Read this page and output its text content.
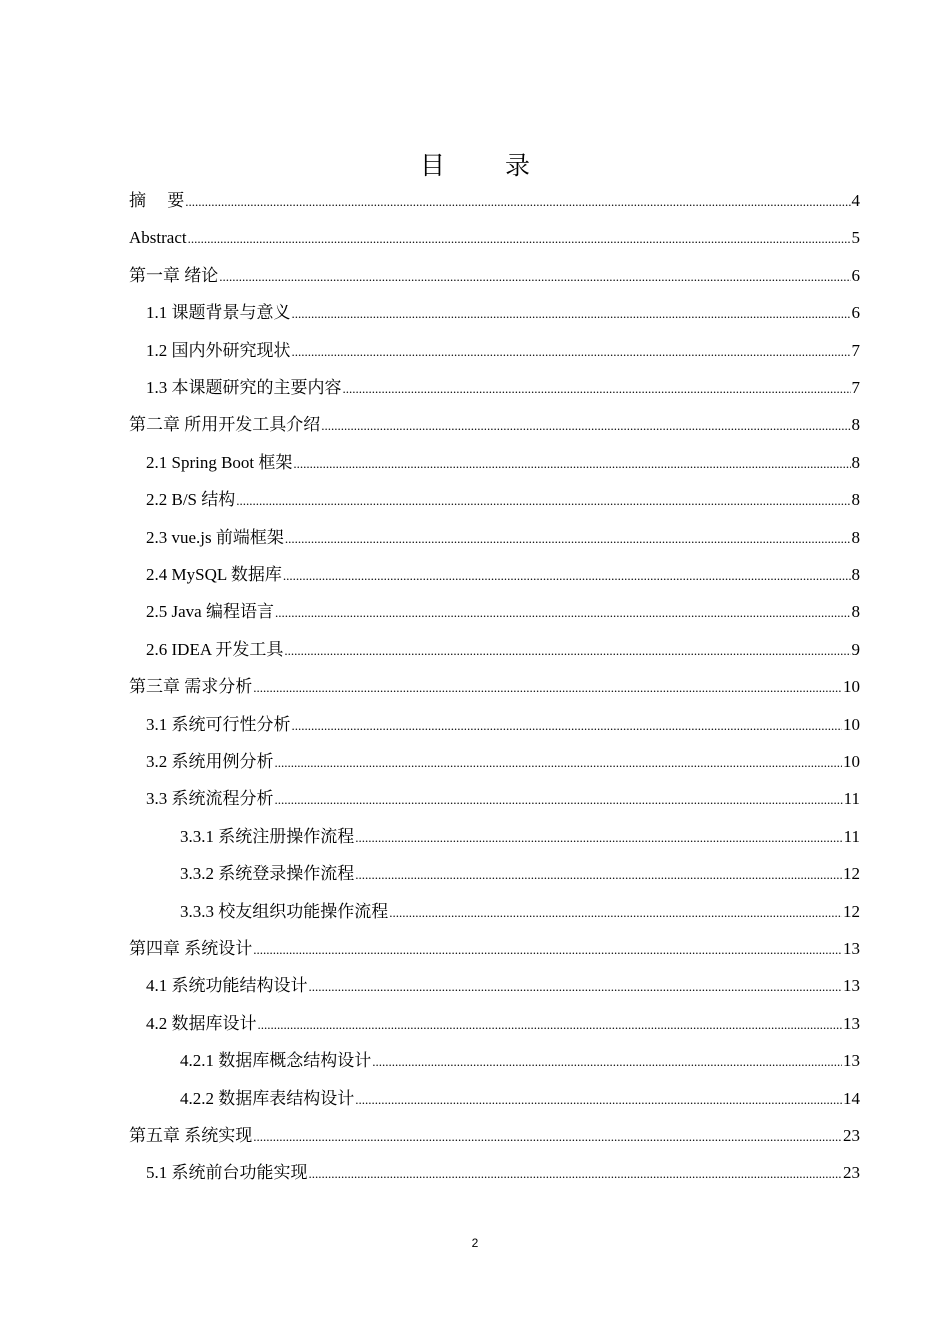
目 录
摘     要 .....	4
Abstract .....	5
第一章 绪论 .....	6
1.1 课题背景与意义 .....	6
1.2 国内外研究现状 .....	7
1.3 本课题研究的主要内容 .....	7
第二章 所用开发工具介绍 .....	8
2.1 Spring Boot 框架 .....	8
2.2 B/S 结构 .....	8
2.3 vue.js 前端框架 .....	8
2.4 MySQL 数据库 .....	8
2.5 Java 编程语言 .....	8
2.6 IDEA 开发工具 .....	9
第三章 需求分析 .....	10
3.1 系统可行性分析 .....	10
3.2 系统用例分析 .....	10
3.3 系统流程分析 .....	11
3.3.1 系统注册操作流程 .....	11
3.3.2 系统登录操作流程 .....	12
3.3.3 校友组织功能操作流程 .....	12
第四章 系统设计 .....	13
4.1 系统功能结构设计 .....	13
4.2 数据库设计 .....	13
4.2.1 数据库概念结构设计 .....	13
4.2.2 数据库表结构设计 .....	14
第五章 系统实现 .....	23
5.1 系统前台功能实现 .....	23
2
